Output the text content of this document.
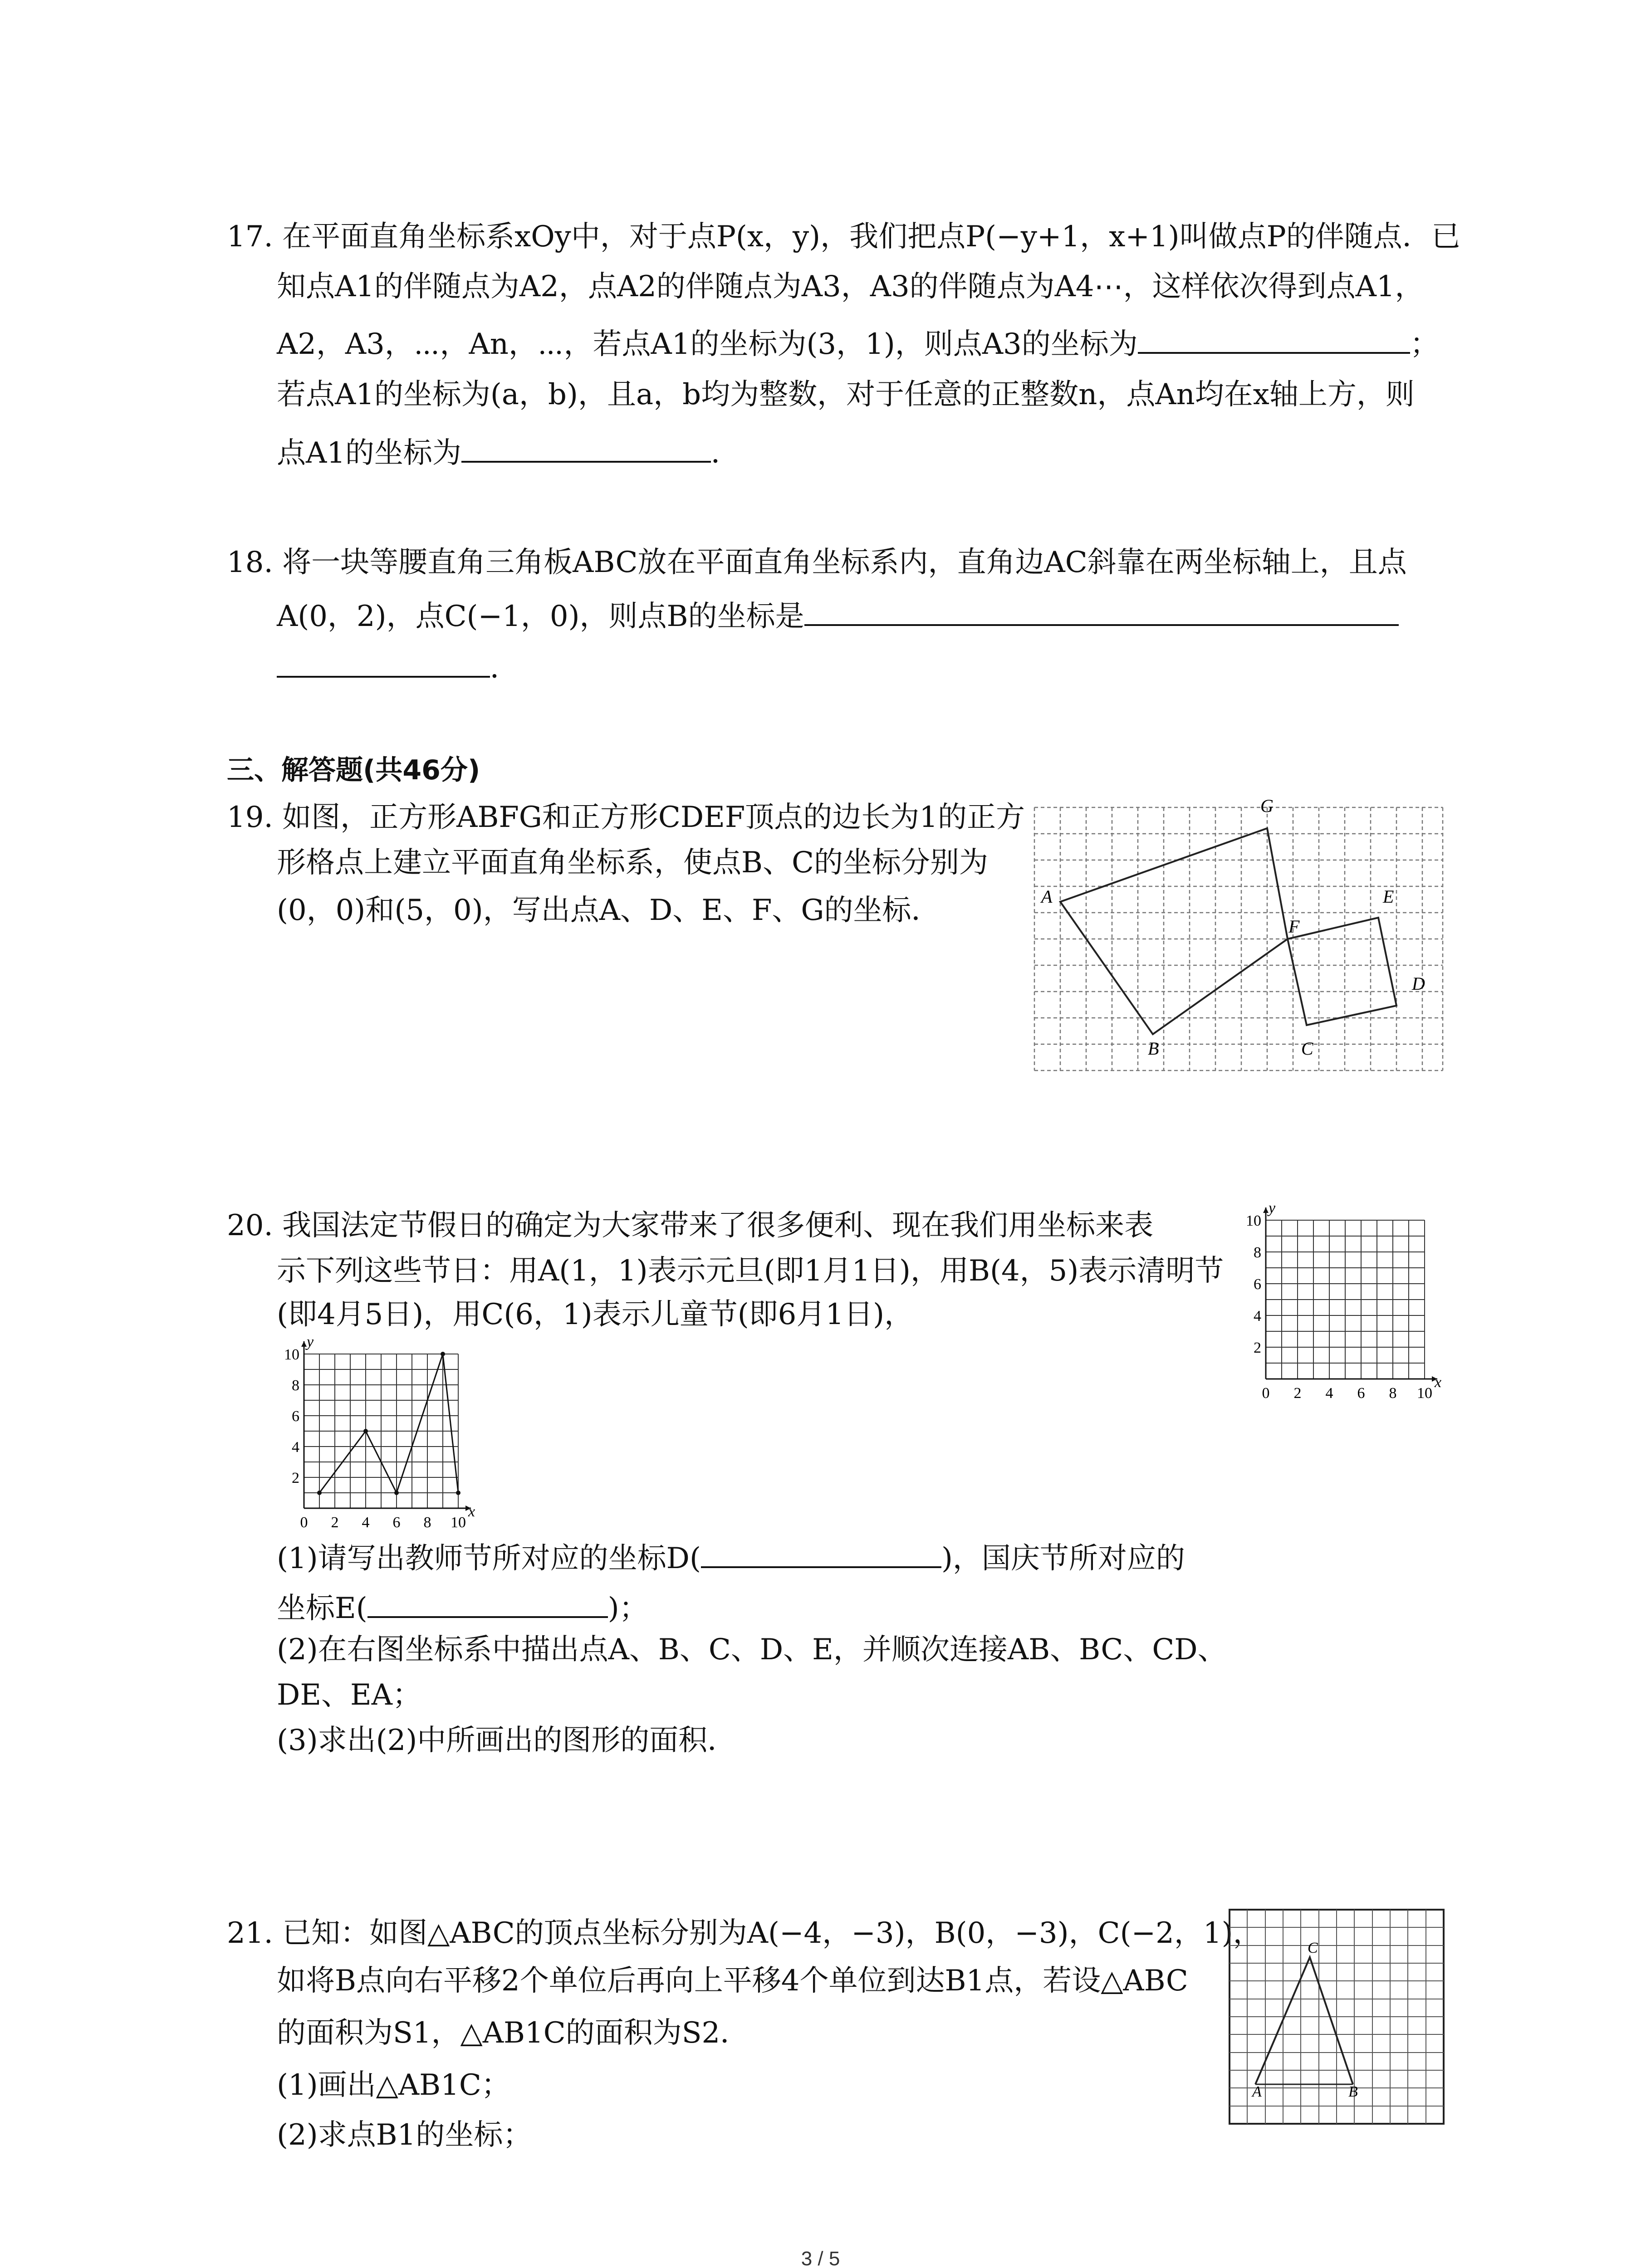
17. 在平面直角坐标系xOy中，对于点P(x，y)，我们把点P(−y+1，x+1)叫做点P的伴随点．已
知点A1的伴随点为A2，点A2的伴随点为A3，A3的伴随点为A4⋯，这样依次得到点A1，
A2，A3，⋯，An，⋯，若点A1的坐标为(3，1)，则点A3的坐标为	；
若点A1的坐标为(a，b)，且a，b均为整数，对于任意的正整数n，点An均在x轴上方，则
点A1的坐标为	．
18. 将一块等腰直角三角板ABC放在平面直角坐标系内，直角边AC斜靠在两坐标轴上，且点
A(0，2)，点C(−1，0)，则点B的坐标是
．
三、解答题(共46分)
19. 如图，正方形ABFG和正方形CDEF顶点的边长为1的正方
形格点上建立平面直角坐标系，使点B、C的坐标分别为
(0，0)和(5，0)，写出点A、D、E、F、G的坐标．	A
B	C
D
E
F
G
20. 我国法定节假日的确定为大家带来了很多便利、现在我们用坐标来表
示下列这些节日：用A(1，1)表示元旦(即1月1日)，用B(4，5)表示清明节
(即4月5日)，用C(6，1)表示儿童节(即6月1日)，
x
y
0 2
2
4
4
6
6
8
8
10
10
x
y
0 2
2
4
4
6
6
8
8
10
10
(1)请写出教师节所对应的坐标D(	)，国庆节所对应的
坐标E(	)；
(2)在右图坐标系中描出点A、B、C、D、E，并顺次连接AB、BC、CD、
DE、EA；
(3)求出(2)中所画出的图形的面积．
21. 已知：如图△ABC的顶点坐标分别为A(−4，−3)，B(0，−3)，C(−2，1)，
如将B点向右平移2个单位后再向上平移4个单位到达B1点，若设△ABC
的面积为S1，△AB1C的面积为S2．
(1)画出△AB1C；
(2)求点B1的坐标；
A	B
C
3 / 5
